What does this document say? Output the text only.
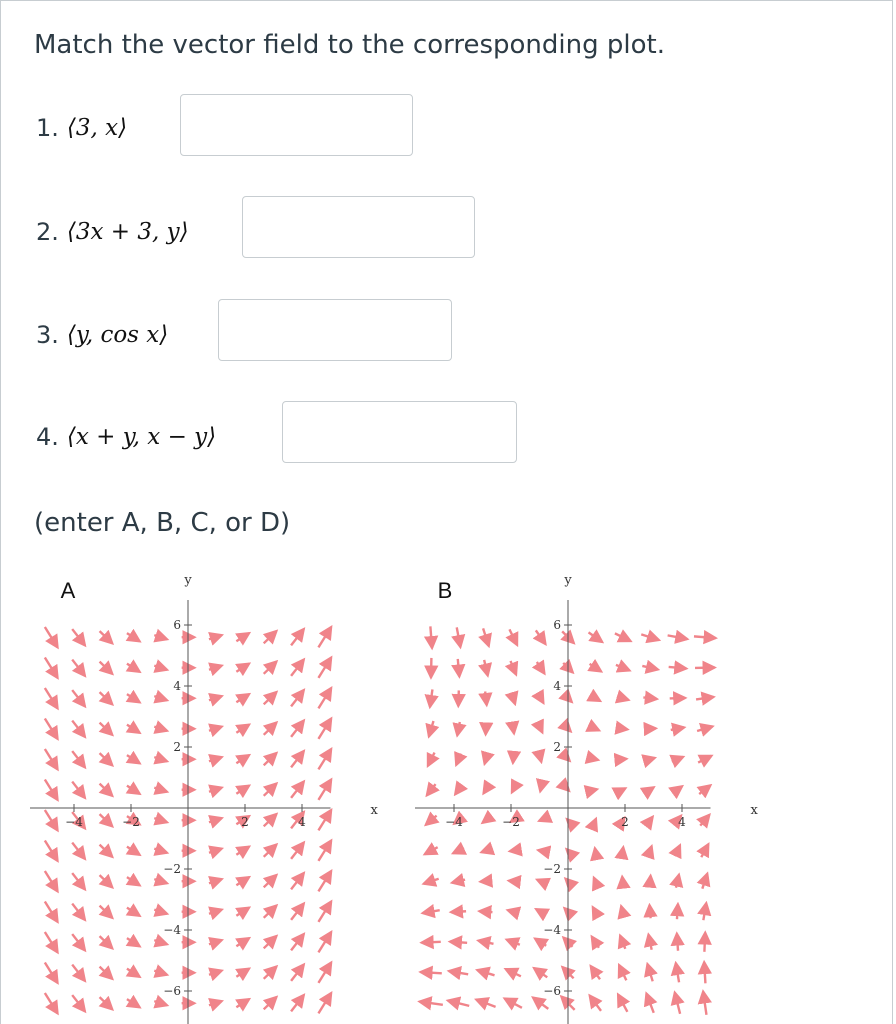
Match the vector field to the corresponding plot.
1. ⟨3, x⟩
2. ⟨3x + 3, y⟩
3. ⟨y, cos x⟩
4. ⟨x + y, x − y⟩
(enter A, B, C, or D)
−4	−2	2	4
6
4
2
−2
−4
−6
x
y
A
−4	−2	2	4
6
4
2
−2
−4
−6
x
y
B
